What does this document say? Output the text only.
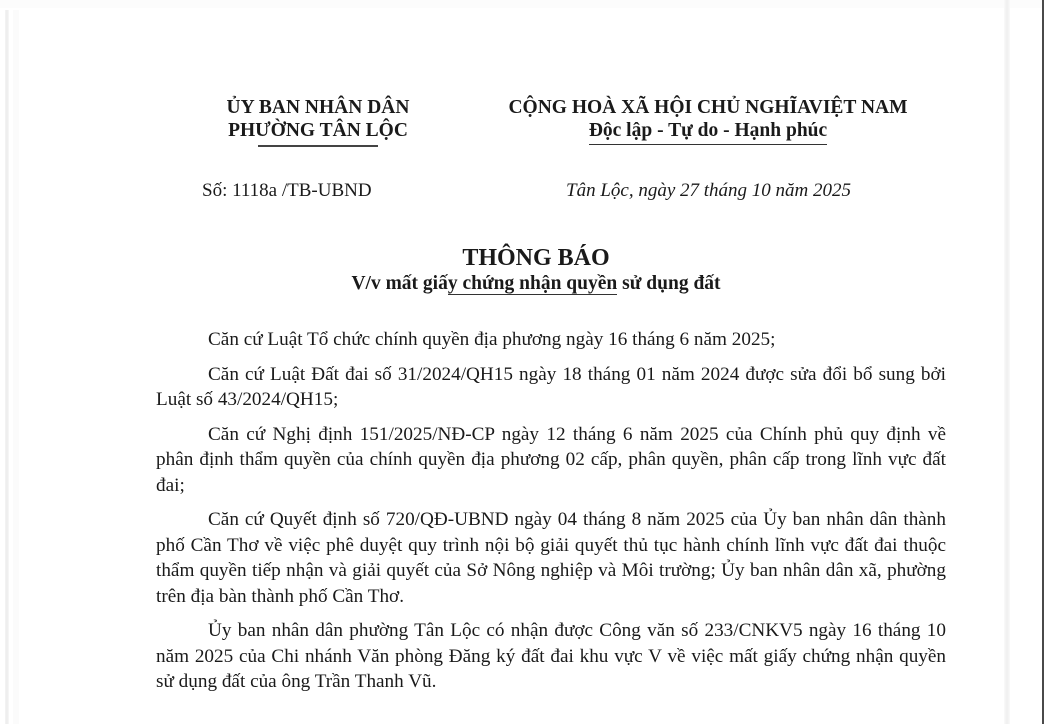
ỦY BAN NHÂN DÂN
PHƯỜNG TÂN LỘC
CỘNG HOÀ XÃ HỘI CHỦ NGHĨAVIỆT NAM
Độc lập - Tự do - Hạnh phúc
Số: 1118a /TB-UBND	Tân Lộc, ngày 27 tháng 10 năm 2025
THÔNG BÁO
V/v mất giấy chứng nhận quyền sử dụng đất

Căn cứ Luật Tổ chức chính quyền địa phương ngày 16 tháng 6 năm 2025;

Căn cứ Luật Đất đai số 31/2024/QH15 ngày 18 tháng 01 năm 2024 được sửa đổi bổ sung bởi Luật số 43/2024/QH15;

Căn cứ Nghị định 151/2025/NĐ-CP ngày 12 tháng 6 năm 2025 của Chính phủ quy định về phân định thẩm quyền của chính quyền địa phương 02 cấp, phân quyền, phân cấp trong lĩnh vực đất đai;

Căn cứ Quyết định số 720/QĐ-UBND ngày 04 tháng 8 năm 2025 của Ủy ban nhân dân thành phố Cần Thơ về việc phê duyệt quy trình nội bộ giải quyết thủ tục hành chính lĩnh vực đất đai thuộc thẩm quyền tiếp nhận và giải quyết của Sở Nông nghiệp và Môi trường; Ủy ban nhân dân xã, phường trên địa bàn thành phố Cần Thơ.

Ủy ban nhân dân phường Tân Lộc có nhận được Công văn số 233/CNKV5 ngày 16 tháng 10 năm 2025 của Chi nhánh Văn phòng Đăng ký đất đai khu vực V về việc mất giấy chứng nhận quyền sử dụng đất của ông Trần Thanh Vũ.
